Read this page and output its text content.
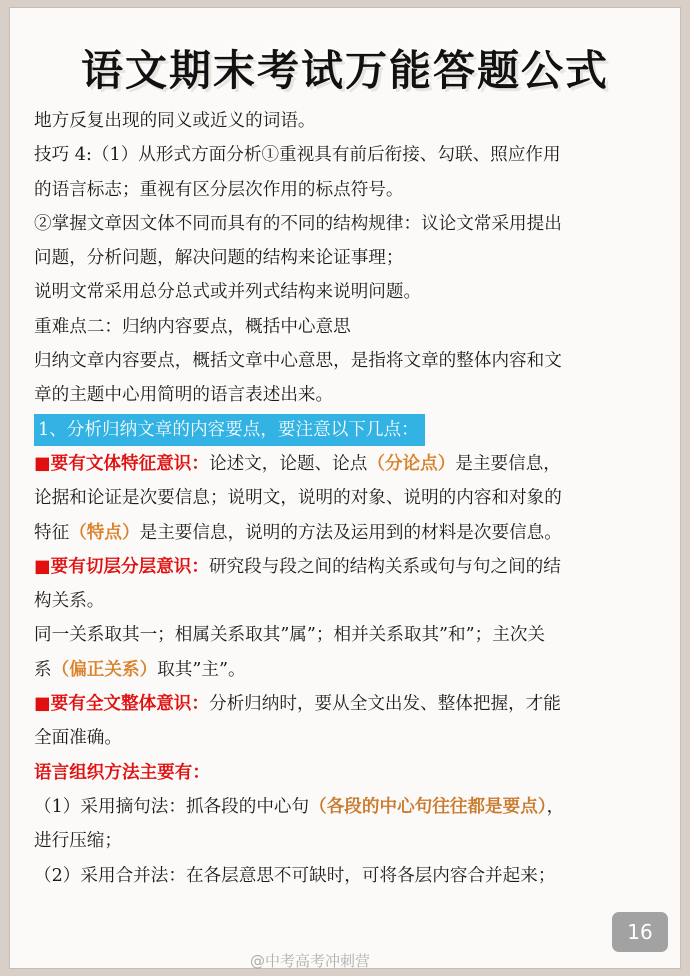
语文期末考试万能答题公式

地方反复出现的同义或近义的词语。

技巧 4:（1）从形式方面分析①重视具有前后衔接、勾联、照应作用

的语言标志；重视有区分层次作用的标点符号。

②掌握文章因文体不同而具有的不同的结构规律：议论文常采用提出

问题，分析问题，解决问题的结构来论证事理；

说明文常采用总分总式或并列式结构来说明问题。

重难点二：归纳内容要点，概括中心意思

归纳文章内容要点，概括文章中心意思，是指将文章的整体内容和文

章的主题中心用简明的语言表述出来。

1、分析归纳文章的内容要点，要注意以下几点：

■要有文体特征意识：论述文，论题、论点（分论点）是主要信息，

论据和论证是次要信息；说明文，说明的对象、说明的内容和对象的

特征（特点）是主要信息，说明的方法及运用到的材料是次要信息。

■要有切层分层意识：研究段与段之间的结构关系或句与句之间的结

构关系。

同一关系取其一；相属关系取其”属”；相并关系取其”和”；主次关

系（偏正关系）取其”主”。

■要有全文整体意识：分析归纳时，要从全文出发、整体把握，才能

全面准确。

语言组织方法主要有：

（1）采用摘句法：抓各段的中心句（各段的中心句往往都是要点），

进行压缩；

（2）采用合并法：在各层意思不可缺时，可将各层内容合并起来；

16
@中考高考冲刺营
